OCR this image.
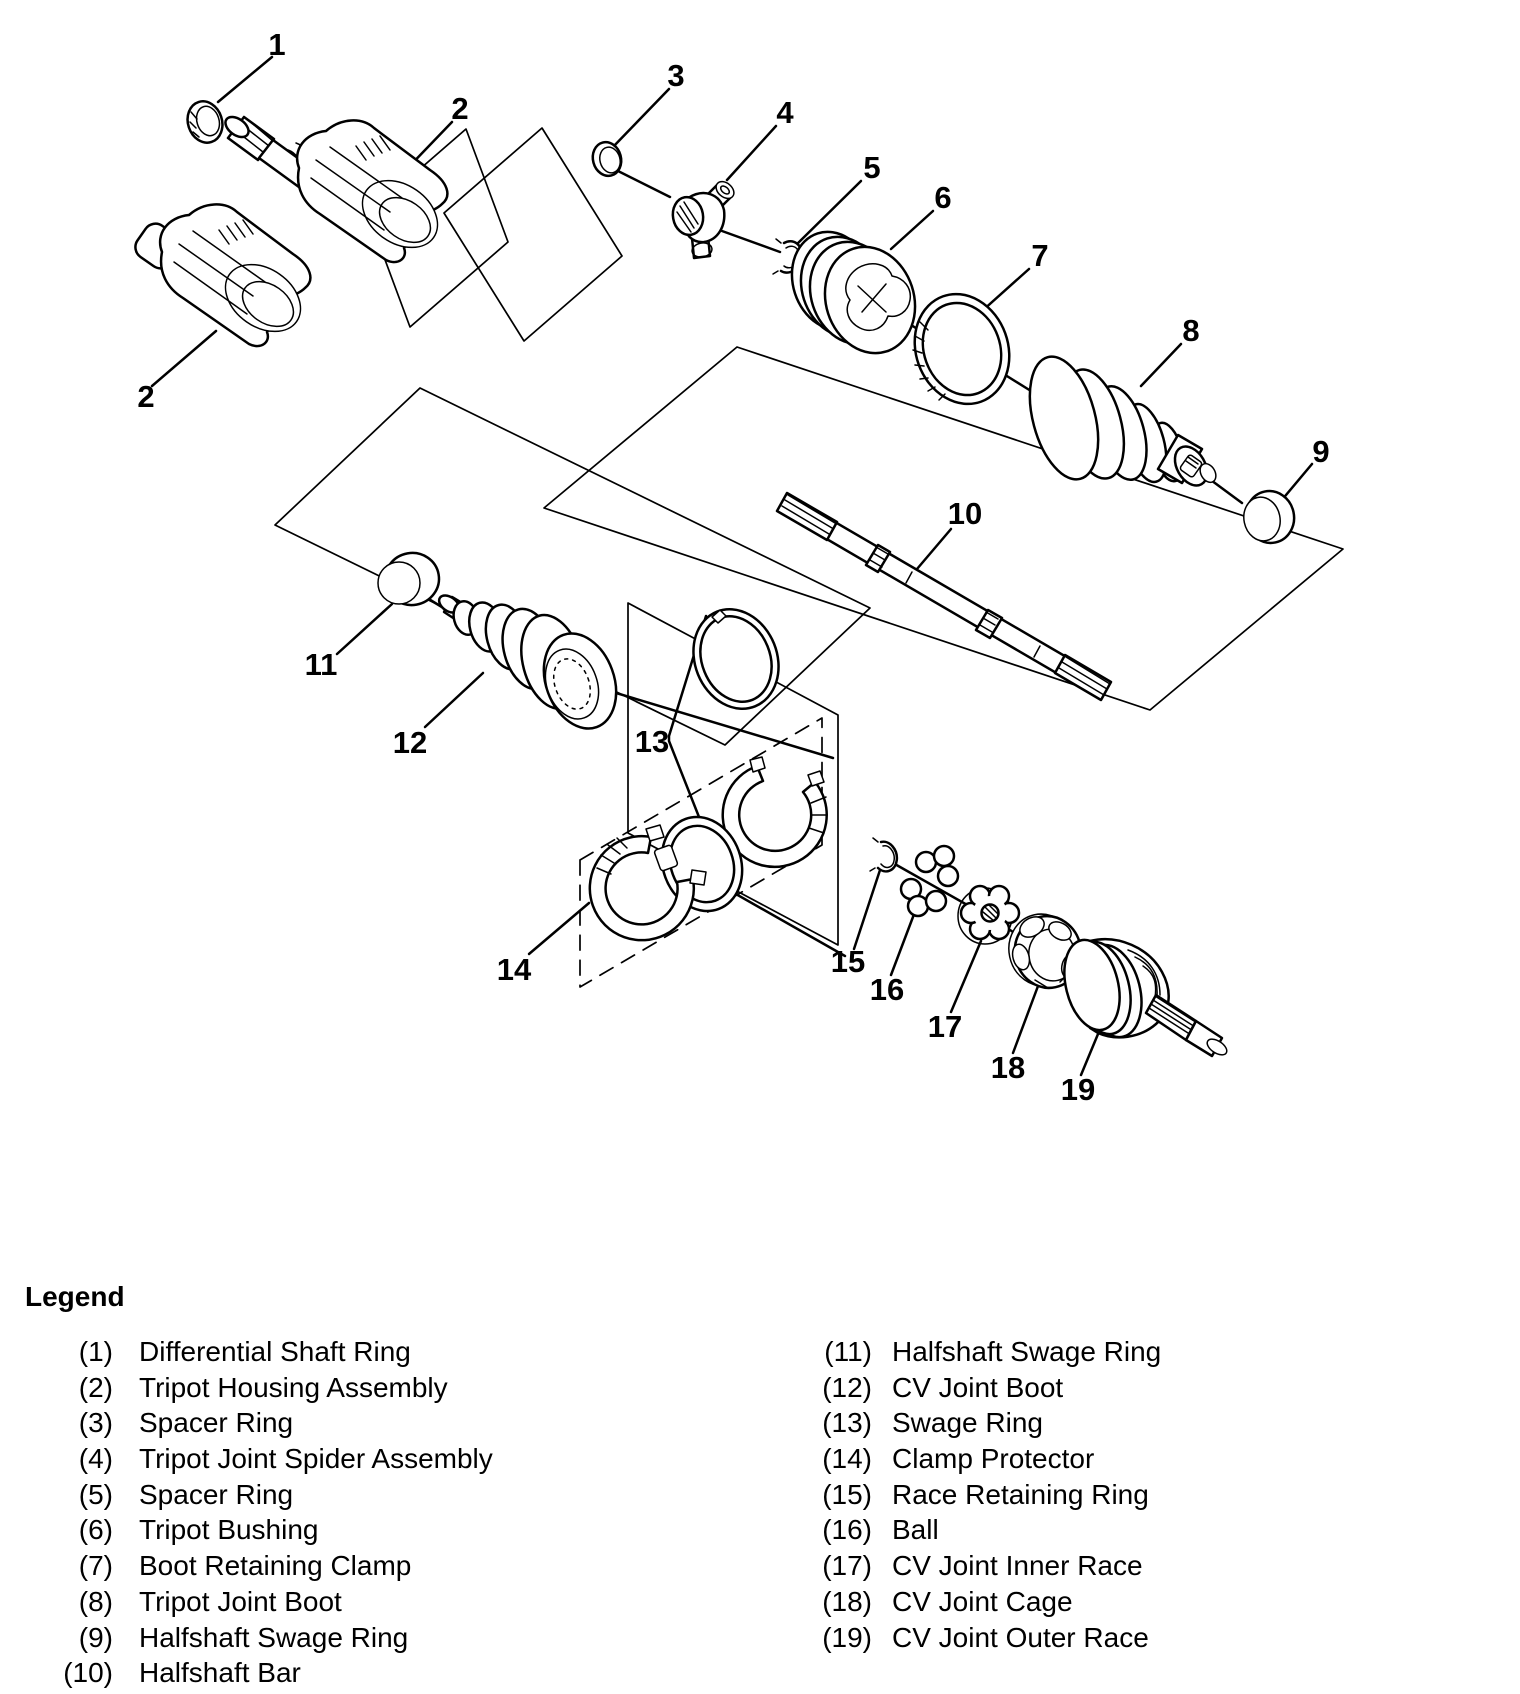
1
2
2
3
4
5
6
7
8
9
10
11
12	13
14	15
16
17
18
19
Legend
(1) Differential Shaft Ring
(2) Tripot Housing Assembly
(3) Spacer Ring
(4) Tripot Joint Spider Assembly
(5) Spacer Ring
(6) Tripot Bushing
(7) Boot Retaining Clamp
(8) Tripot Joint Boot
(9) Halfshaft Swage Ring
(10) Halfshaft Bar
(11) Halfshaft Swage Ring
(12) CV Joint Boot
(13) Swage Ring
(14) Clamp Protector
(15) Race Retaining Ring
(16) Ball
(17) CV Joint Inner Race
(18) CV Joint Cage
(19) CV Joint Outer Race
